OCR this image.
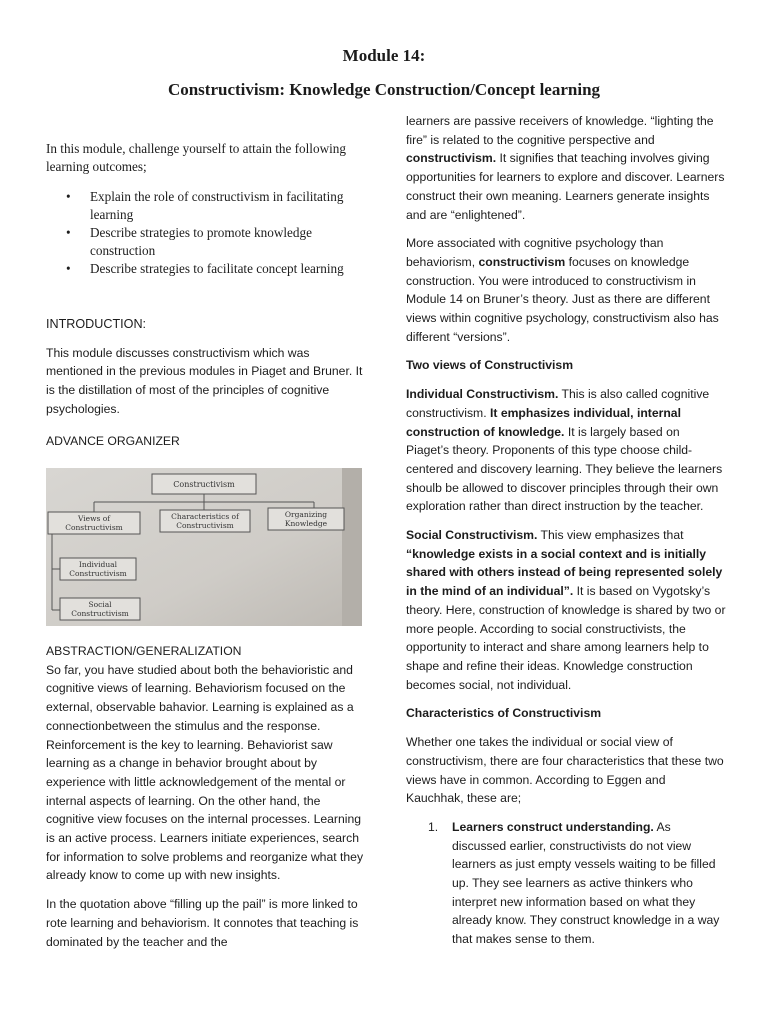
Module 14:
Constructivism: Knowledge Construction/Concept learning

In this module, challenge yourself to attain the following learning outcomes;

• Explain the role of constructivism in facilitating learning
• Describe strategies to promote knowledge construction
• Describe strategies to facilitate concept learning

INTRODUCTION:

This module discusses constructivism which was mentioned in the previous modules in Piaget and Bruner. It is the distillation of most of the principles of cognitive psychologies.

ADVANCE ORGANIZER

Constructivism
Views of
Constructivism
Characteristics of
Constructivism
Organizing
Knowledge
Individual
Constructivism
Social
Constructivism

ABSTRACTION/GENERALIZATION

So far, you have studied about both the behavioristic and cognitive views of learning. Behaviorism focused on the external, observable bahavior. Learning is explained as a connectionbetween the stimulus and the response. Reinforcement is the key to learning. Behaviorist saw learning as a change in behavior brought about by experience with little acknowledgement of the mental or internal aspects of learning. On the other hand, the cognitive view focuses on the internal processes. Learning is an active process. Learners initiate experiences, search for information to solve problems and reorganize what they already know to come up with new insights.

In the quotation above “filling up the pail” is more linked to rote learning and behaviorism. It connotes that teaching is dominated by the teacher and the

learners are passive receivers of knowledge. “lighting the fire” is related to the cognitive perspective and constructivism. It signifies that teaching involves giving opportunities for learners to explore and discover. Learners construct their own meaning. Learners generate insights and are “enlightened”.

More associated with cognitive psychology than behaviorism, constructivism focuses on knowledge construction. You were introduced to constructivism in Module 14 on Bruner’s theory. Just as there are different views within cognitive psychology, constructivism also has different “versions”.

Two views of Constructivism

Individual Constructivism. This is also called cognitive constructivism. It emphasizes individual, internal construction of knowledge. It is largely based on Piaget’s theory. Proponents of this type choose child-centered and discovery learning. They believe the learners shoulb be allowed to discover principles through their own exploration rather than direct instruction by the teacher.

Social Constructivism. This view emphasizes that “knowledge exists in a social context and is initially shared with others instead of being represented solely in the mind of an individual”. It is based on Vygotsky’s theory. Here, construction of knowledge is shared by two or more people. According to social constructivists, the opportunity to interact and share among learners help to shape and refine their ideas. Knowledge construction becomes social, not individual.

Characteristics of Constructivism

Whether one takes the individual or social view of constructivism, there are four characteristics that these two views have in common. According to Eggen and Kauchhak, these are;

1. Learners construct understanding. As discussed earlier, constructivists do not view learners as just empty vessels waiting to be filled up. They see learners as active thinkers who interpret new information based on what they already know. They construct knowledge in a way that makes sense to them.
